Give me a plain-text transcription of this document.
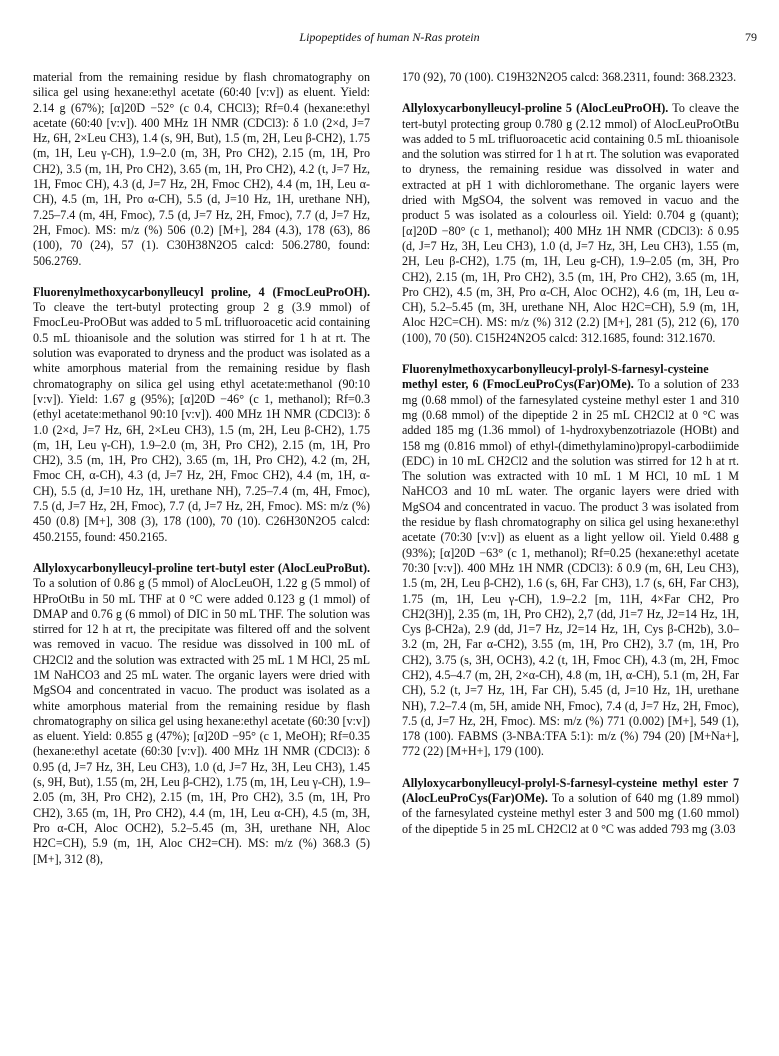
Lipopeptides of human N-Ras protein	79

material from the remaining residue by flash chromatography on silica gel using hexane:ethyl acetate (60:40 [v:v]) as eluent. Yield: 2.14 g (67%); [α]20D −52° (c 0.4, CHCl3); Rf=0.4 (hexane:ethyl acetate (60:40 [v:v]). 400 MHz 1H NMR (CDCl3): δ 1.0 (2×d, J=7 Hz, 6H, 2×Leu CH3), 1.4 (s, 9H, But), 1.5 (m, 2H, Leu β-CH2), 1.75 (m, 1H, Leu γ-CH), 1.9–2.0 (m, 3H, Pro CH2), 2.15 (m, 1H, Pro CH2), 3.5 (m, 1H, Pro CH2), 3.65 (m, 1H, Pro CH2), 4.2 (t, J=7 Hz, 1H, Fmoc CH), 4.3 (d, J=7 Hz, 2H, Fmoc CH2), 4.4 (m, 1H, Leu α-CH), 4.5 (m, 1H, Pro α-CH), 5.5 (d, J=10 Hz, 1H, urethane NH), 7.25–7.4 (m, 4H, Fmoc), 7.5 (d, J=7 Hz, 2H, Fmoc), 7.7 (d, J=7 Hz, 2H, Fmoc). MS: m/z (%) 506 (0.2) [M+], 284 (4.3), 178 (63), 86 (100), 70 (24), 57 (1). C30H38N2O5 calcd: 506.2780, found: 506.2769.

Fluorenylmethoxycarbonylleucyl proline, 4 (FmocLeuProOH). To cleave the tert-butyl protecting group 2 g (3.9 mmol) of FmocLeu-ProOBut was added to 5 mL trifluoroacetic acid containing 0.5 mL thioanisole and the solution was stirred for 1 h at rt. The solution was evaporated to dryness and the product was isolated as a white amorphous material from the remaining residue by flash chromatography on silica gel using ethyl acetate:methanol (90:10 [v:v]). Yield: 1.67 g (95%); [α]20D −46° (c 1, methanol); Rf=0.3 (ethyl acetate:methanol 90:10 [v:v]). 400 MHz 1H NMR (CDCl3): δ 1.0 (2×d, J=7 Hz, 6H, 2×Leu CH3), 1.5 (m, 2H, Leu β-CH2), 1.75 (m, 1H, Leu γ-CH), 1.9–2.0 (m, 3H, Pro CH2), 2.15 (m, 1H, Pro CH2), 3.5 (m, 1H, Pro CH2), 3.65 (m, 1H, Pro CH2), 4.2 (m, 2H, Fmoc CH, α-CH), 4.3 (d, J=7 Hz, 2H, Fmoc CH2), 4.4 (m, 1H, α-CH), 5.5 (d, J=10 Hz, 1H, urethane NH), 7.25–7.4 (m, 4H, Fmoc), 7.5 (d, J=7 Hz, 2H, Fmoc), 7.7 (d, J=7 Hz, 2H, Fmoc). MS: m/z (%) 450 (0.8) [M+], 308 (3), 178 (100), 70 (10). C26H30N2O5 calcd: 450.2155, found: 450.2165.

Allyloxycarbonylleucyl-proline tert-butyl ester (AlocLeuProBut). To a solution of 0.86 g (5 mmol) of AlocLeuOH, 1.22 g (5 mmol) of HProOtBu in 50 mL THF at 0 °C were added 0.123 g (1 mmol) of DMAP and 0.76 g (6 mmol) of DIC in 50 mL THF. The solution was stirred for 12 h at rt, the precipitate was filtered off and the solvent was removed in vacuo. The residue was dissolved in 100 mL of CH2Cl2 and the solution was extracted with 25 mL 1 M HCl, 25 mL 1M NaHCO3 and 25 mL water. The organic layers were dried with MgSO4 and concentrated in vacuo. The product was isolated as a white amorphous material from the remaining residue by flash chromatography on silica gel using hexane:ethyl acetate (60:30 [v:v]) as eluent. Yield: 0.855 g (47%); [α]20D −95° (c 1, MeOH); Rf=0.35 (hexane:ethyl acetate (60:30 [v:v]). 400 MHz 1H NMR (CDCl3): δ 0.95 (d, J=7 Hz, 3H, Leu CH3), 1.0 (d, J=7 Hz, 3H, Leu CH3), 1.45 (s, 9H, But), 1.55 (m, 2H, Leu β-CH2), 1.75 (m, 1H, Leu γ-CH), 1.9–2.05 (m, 3H, Pro CH2), 2.15 (m, 1H, Pro CH2), 3.5 (m, 1H, Pro CH2), 3.65 (m, 1H, Pro CH2), 4.4 (m, 1H, Leu α-CH), 4.5 (m, 3H, Pro α-CH, Aloc OCH2), 5.2–5.45 (m, 3H, urethane NH, Aloc H2C=CH), 5.9 (m, 1H, Aloc CH2=CH). MS: m/z (%) 368.3 (5) [M+], 312 (8),

170 (92), 70 (100). C19H32N2O5 calcd: 368.2311, found: 368.2323.

Allyloxycarbonylleucyl-proline 5 (AlocLeuProOH). To cleave the tert-butyl protecting group 0.780 g (2.12 mmol) of AlocLeuProOtBu was added to 5 mL trifluoroacetic acid containing 0.5 mL thioanisole and the solution was stirred for 1 h at rt. The solution was evaporated to dryness, the remaining residue was dissolved in water and extracted at pH 1 with dichloromethane. The organic layers were dried with MgSO4, the solvent was removed in vacuo and the product 5 was isolated as a colourless oil. Yield: 0.704 g (quant); [α]20D −80° (c 1, methanol); 400 MHz 1H NMR (CDCl3): δ 0.95 (d, J=7 Hz, 3H, Leu CH3), 1.0 (d, J=7 Hz, 3H, Leu CH3), 1.55 (m, 2H, Leu β-CH2), 1.75 (m, 1H, Leu g-CH), 1.9–2.05 (m, 3H, Pro CH2), 2.15 (m, 1H, Pro CH2), 3.5 (m, 1H, Pro CH2), 3.65 (m, 1H, Pro CH2), 4.5 (m, 3H, Pro α-CH, Aloc OCH2), 4.6 (m, 1H, Leu α-CH), 5.2–5.45 (m, 3H, urethane NH, Aloc H2C=CH), 5.9 (m, 1H, Aloc H2C=CH). MS: m/z (%) 312 (2.2) [M+], 281 (5), 212 (6), 170 (100), 70 (50). C15H24N2O5 calcd: 312.1685, found: 312.1670.

Fluorenylmethoxycarbonylleucyl-prolyl-S-farnesyl-cysteine methyl ester, 6 (FmocLeuProCys(Far)OMe). To a solution of 233 mg (0.68 mmol) of the farnesylated cysteine methyl ester 1 and 310 mg (0.68 mmol) of the dipeptide 2 in 25 mL CH2Cl2 at 0 °C was added 185 mg (1.36 mmol) of 1-hydroxybenzotriazole (HOBt) and 158 mg (0.816 mmol) of ethyl-(dimethylamino)propyl-carbodiimide (EDC) in 10 mL CH2Cl2 and the solution was stirred for 12 h at rt. The solution was extracted with 10 mL 1 M HCl, 10 mL 1 M NaHCO3 and 10 mL water. The organic layers were dried with MgSO4 and concentrated in vacuo. The product 3 was isolated from the residue by flash chromatography on silica gel using hexane:ethyl acetate (70:30 [v:v]) as eluent as a light yellow oil. Yield 0.488 g (93%); [α]20D −63° (c 1, methanol); Rf=0.25 (hexane:ethyl acetate 70:30 [v:v]). 400 MHz 1H NMR (CDCl3): δ 0.9 (m, 6H, Leu CH3), 1.5 (m, 2H, Leu β-CH2), 1.6 (s, 6H, Far CH3), 1.7 (s, 6H, Far CH3), 1.75 (m, 1H, Leu γ-CH), 1.9–2.2 [m, 11H, 4×Far CH2, Pro CH2(3H)], 2.35 (m, 1H, Pro CH2), 2,7 (dd, J1=7 Hz, J2=14 Hz, 1H, Cys β-CH2a), 2.9 (dd, J1=7 Hz, J2=14 Hz, 1H, Cys β-CH2b), 3.0–3.2 (m, 2H, Far α-CH2), 3.55 (m, 1H, Pro CH2), 3.7 (m, 1H, Pro CH2), 3.75 (s, 3H, OCH3), 4.2 (t, 1H, Fmoc CH), 4.3 (m, 2H, Fmoc CH2), 4.5–4.7 (m, 2H, 2×α-CH), 4.8 (m, 1H, α-CH), 5.1 (m, 2H, Far CH), 5.2 (t, J=7 Hz, 1H, Far CH), 5.45 (d, J=10 Hz, 1H, urethane NH), 7.2–7.4 (m, 5H, amide NH, Fmoc), 7.4 (d, J=7 Hz, 2H, Fmoc), 7.5 (d, J=7 Hz, 2H, Fmoc). MS: m/z (%) 771 (0.002) [M+], 549 (1), 178 (100). FABMS (3-NBA:TFA 5:1): m/z (%) 794 (20) [M+Na+], 772 (22) [M+H+], 179 (100).

Allyloxycarbonylleucyl-prolyl-S-farnesyl-cysteine methyl ester 7 (AlocLeuProCys(Far)OMe). To a solution of 640 mg (1.89 mmol) of the farnesylated cysteine methyl ester 3 and 500 mg (1.60 mmol) of the dipeptide 5 in 25 mL CH2Cl2 at 0 °C was added 793 mg (3.03
